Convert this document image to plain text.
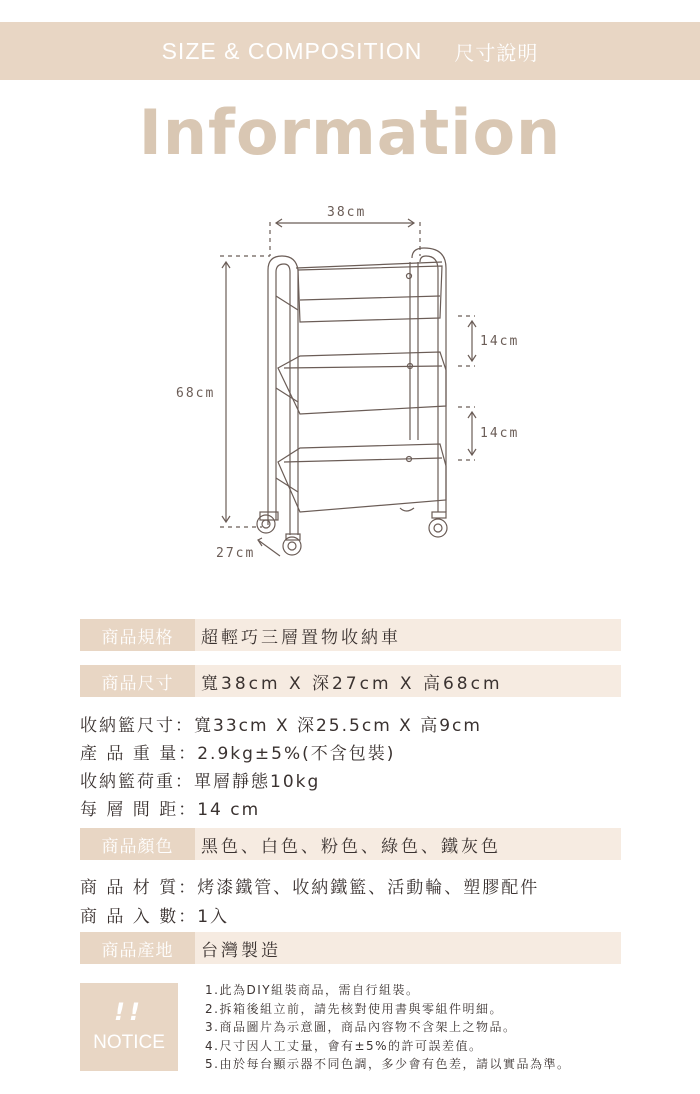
SIZE & COMPOSITION 尺寸說明
Information
38cm
68cm
27cm
14cm
14cm
商品規格	超輕巧三層置物收納車
商品尺寸	寬38cm X 深27cm X 高68cm
收納籃尺寸：寬33cm X 深25.5cm X 高9cm
產 品 重 量：2.9kg±5%(不含包裝)
收納籃荷重：單層靜態10kg
每 層 間 距：14 cm
商品顏色	黑色、白色、粉色、綠色、鐵灰色
商 品 材 質：烤漆鐵管、收納鐵籃、活動輪、塑膠配件
商 品 入 數：1入
商品產地	台灣製造
!!
NOTICE
1.此為DIY組裝商品，需自行組裝。
2.拆箱後組立前，請先核對使用書與零組件明細。
3.商品圖片為示意圖，商品內容物不含架上之物品。
4.尺寸因人工丈量，會有±5%的許可誤差值。
5.由於每台顯示器不同色調，多少會有色差，請以實品為準。
